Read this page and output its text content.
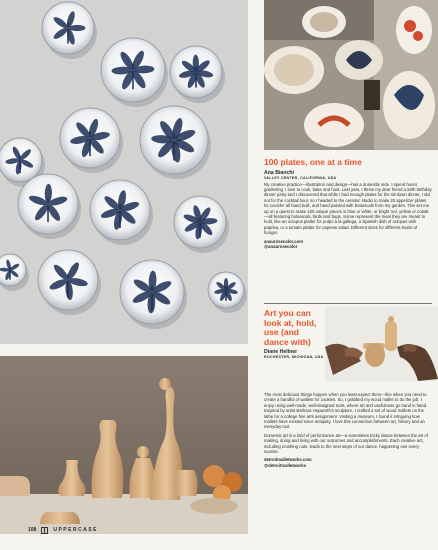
100 plates, one at a time

Ana Bianchi

VALLEY CENTER, CALIFORNIA, USA

My creative practice—illustration and design—has a domestic side. I spend hours gardening. I love to cook, bake and host. Last year, I threw my dear friend a 50th birthday dinner party and I discovered that while I had enough plates for the sit-down dinner, I did not for the cocktail hour, so I headed to the ceramic studio to make 20 appetizer plates for ceviche all hand built, and hand painted with botanicals from my garden. This set me up on a quest to make 100 unique pieces in blue or white, or bright red, yellow or cobalt—all featuring botanicals, birds and bugs. Some represent the meal they are meant to hold, like an octopus platter for pulpo a la gallega, a Spanish dish of octopus with paprika, or a tomato platter for caprese salad. Different sizes for different levels of hunger.

anaurosecolor.com

@anaurosecolor

Art you can look at, hold, use (and dance with)

Diane Hellner

ROCHESTER, MICHIGAN, USA

The most delicious things happen when you least expect them—like when you need to create a handful of wallets for cookies. So, I grabbed my wood mallet to do the job. I enjoy using well-made, well-designed tools, where art and usefulness go hand in hand. Inspired by artist Barbara Hepworth's sculpture, I crafted a set of wood mallets on the lathe for a college fine arts assignment. Visiting a museum, I found it intriguing how mallets have existed since antiquity. I love this connection between art, history and an everyday tool.

Domestic art is a kind of performance art—a sometimes tricky dance between the art of making, doing and living with our outcomes and accomplishments. Each creative act, including crushing nuts, leads to the next steps of our dance, happening one every sunrise.

detroitmalletworks.com

@detroitmalletworks

108	UPPERCASE
